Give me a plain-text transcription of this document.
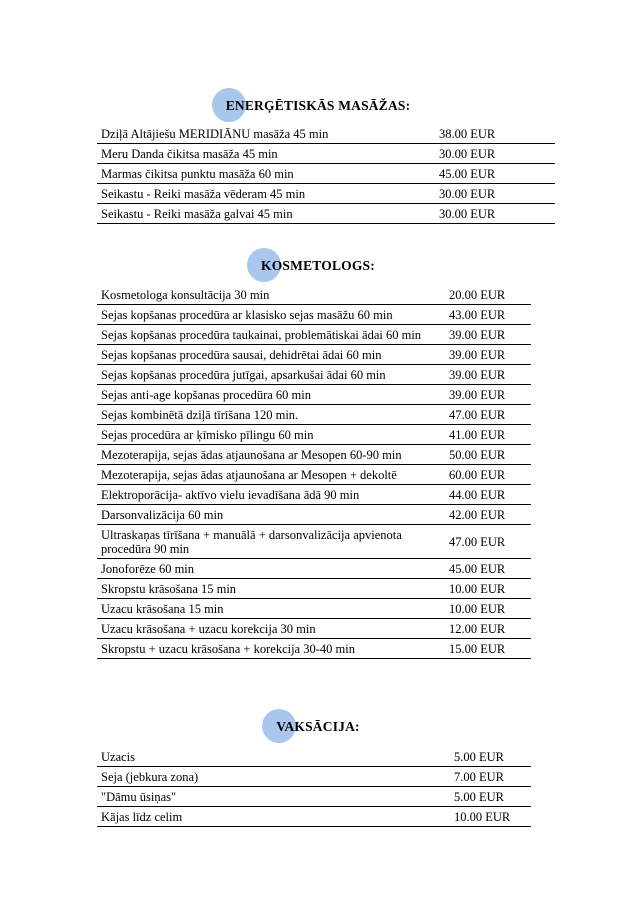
ENERĢĒTISKĀS MASĀŽAS:
Dziļā Altājiešu MERIDIĀNU masāža 45 min	38.00 EUR
Meru Danda čikitsa masāža 45 min	30.00 EUR
Marmas čikitsa punktu masāža 60 min	45.00 EUR
Seikastu - Reiki masāža vēderam 45 min	30.00 EUR
Seikastu - Reiki masāža galvai 45 min	30.00 EUR
KOSMETOLOGS:
Kosmetologa konsultācija 30 min	20.00 EUR
Sejas kopšanas procedūra ar klasisko sejas masāžu 60 min	43.00 EUR
Sejas kopšanas procedūra taukainai, problemātiskai ādai 60 min	39.00 EUR
Sejas kopšanas procedūra sausai, dehidrētai ādai 60 min	39.00 EUR
Sejas kopšanas procedūra jutīgai, apsarkušai ādai 60 min	39.00 EUR
Sejas anti-age kopšanas procedūra 60 min	39.00 EUR
Sejas kombinētā dziļā tīrīšana 120 min.	47.00 EUR
Sejas procedūra ar ķīmisko pīlingu 60 min	41.00 EUR
Mezoterapija, sejas ādas atjaunošana ar Mesopen 60-90 min	50.00 EUR
Mezoterapija, sejas ādas atjaunošana ar Mesopen + dekoltē	60.00 EUR
Elektroporācija- aktīvo vielu ievadīšana ādā 90 min	44.00 EUR
Darsonvalizācija 60 min	42.00 EUR
Ultraskaņas tīrīšana + manuālā + darsonvalizācija apvienota procedūra 90 min	47.00 EUR
Jonoforēze 60 min	45.00 EUR
Skropstu krāsošana 15 min	10.00 EUR
Uzacu krāsošana 15 min	10.00 EUR
Uzacu krāsošana + uzacu korekcija 30 min	12.00 EUR
Skropstu + uzacu krāsošana + korekcija 30-40 min	15.00 EUR
VAKSĀCIJA:
Uzacis	5.00 EUR
Seja (jebkura zona)	7.00 EUR
"Dāmu ūsiņas"	5.00 EUR
Kājas līdz celim	10.00 EUR
